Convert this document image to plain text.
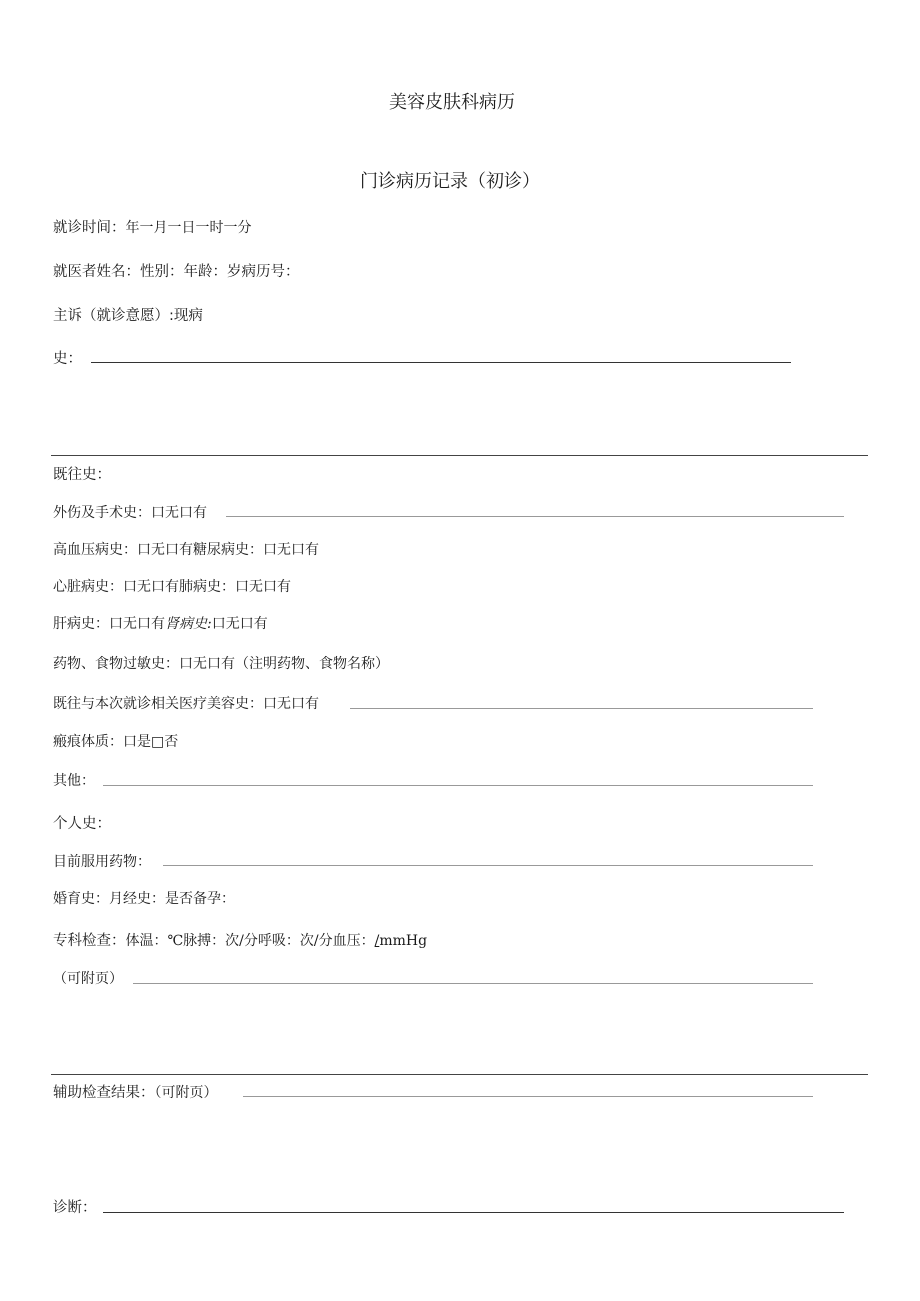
美容皮肤科病历
门诊病历记录（初诊）
就诊时间：年一月一日一时一分
就医者姓名：性别：年龄：岁病历号：
主诉（就诊意愿）:现病
史：
既往史：
外伤及手术史：口无口有
高血压病史：口无口有糖尿病史：口无口有
心脏病史：口无口有肺病史：口无口有
肝病史：口无口有肾病史:口无口有
药物、食物过敏史：口无口有（注明药物、食物名称）
既往与本次就诊相关医疗美容史：口无口有
瘢痕体质：口是□否
其他：
个人史：
目前服用药物：
婚育史：月经史：是否备孕：
专科检查：体温：℃脉搏：次/分呼吸：次/分血压：/mmHg
（可附页）
辅助检查结果：（可附页）
诊断：
